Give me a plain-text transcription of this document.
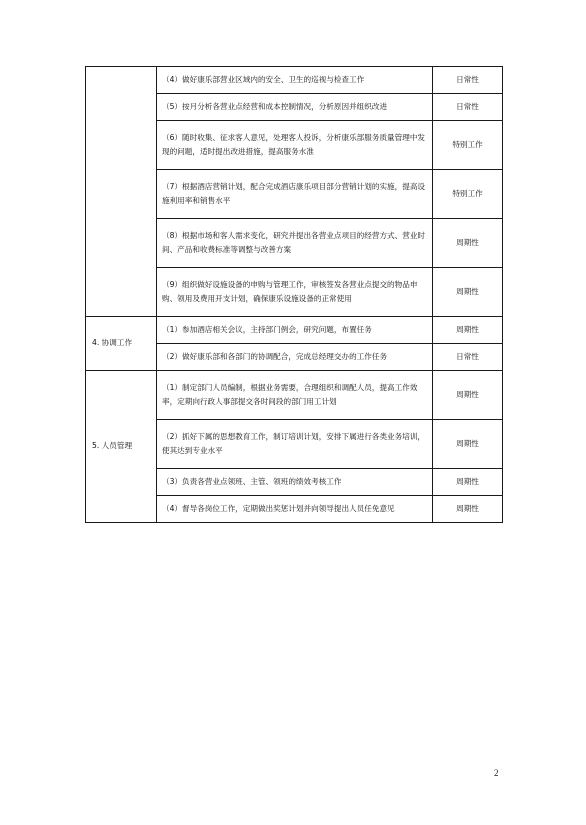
	（4）做好康乐部营业区域内的安全、卫生的巡视与检查工作	日常性
	（5）按月分析各营业点经营和成本控制情况，分析原因并组织改进	日常性
	（6）随时收集、征求客人意见，处理客人投诉，分析康乐部服务质量管理中发现的问题，适时提出改进措施，提高服务水准	特别工作
	（7）根据酒店营销计划，配合完成酒店康乐项目部分营销计划的实施，提高设施利用率和销售水平	特别工作
	（8）根据市场和客人需求变化，研究并提出各营业点项目的经营方式、营业时间、产品和收费标准等调整与改善方案	周期性
	（9）组织做好设施设备的申购与管理工作，审核签发各营业点提交的物品申购、领用及费用开支计划，确保康乐设施设备的正常使用	周期性
4. 协调工作	（1）参加酒店相关会议，主持部门例会，研究问题，布置任务	周期性
	（2）做好康乐部和各部门的协调配合，完成总经理交办的工作任务	日常性
5. 人员管理	（1）制定部门人员编制，根据业务需要，合理组织和调配人员，提高工作效率，定期向行政人事部提交各时间段的部门用工计划	周期性
	（2）抓好下属的思想教育工作，制订培训计划，安排下属进行各类业务培训，使其达到专业水平	周期性
	（3）负责各营业点领班、主管、领班的绩效考核工作	周期性
	（4）督导各岗位工作，定期做出奖惩计划并向领导提出人员任免意见	周期性
2
